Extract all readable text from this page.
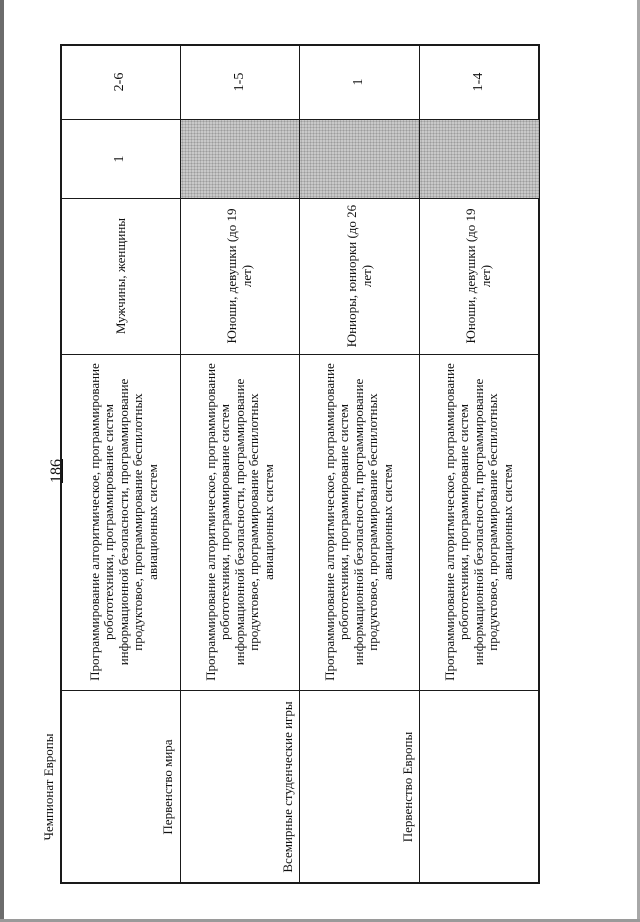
186
Чемпионат Европы
Программирование алгоритмическое, программирование робототехники, программирование систем информационной безопасности, программирование продуктовое, программирование беспилотных авиационных систем
Мужчины, женщины
1
2-6
Первенство мира
Программирование алгоритмическое, программирование робототехники, программирование систем информационной безопасности, программирование продуктовое, программирование беспилотных авиационных систем
Юноши, девушки (до 19 лет)
1-5
Всемирные студенческие игры
Программирование алгоритмическое, программирование робототехники, программирование систем информационной безопасности, программирование продуктовое, программирование беспилотных авиационных систем
Юниоры, юниорки (до 26 лет)
1
Первенство Европы
Программирование алгоритмическое, программирование робототехники, программирование систем информационной безопасности, программирование продуктовое, программирование беспилотных авиационных систем
Юноши, девушки (до 19 лет)
1-4
